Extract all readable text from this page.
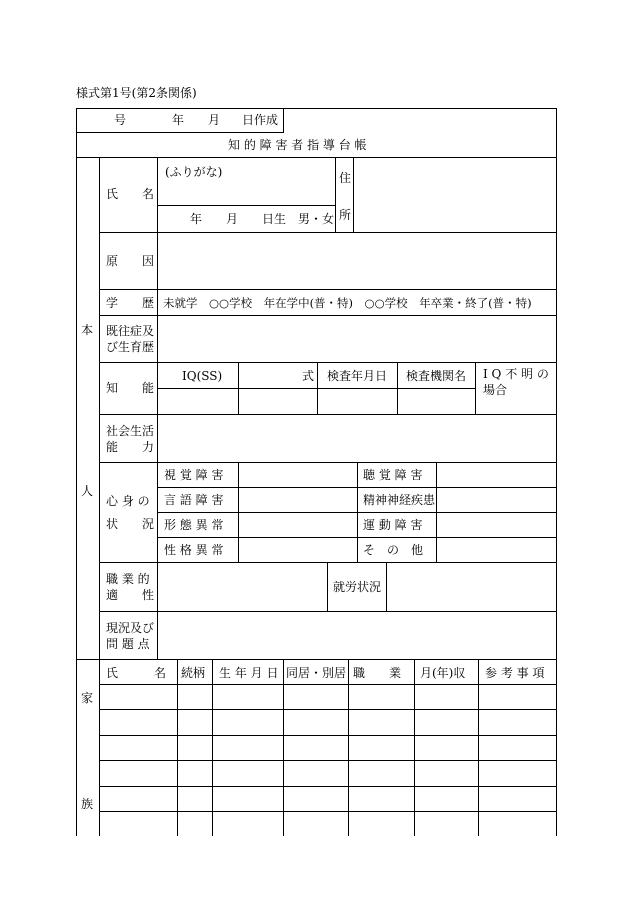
様式第1号(第2条関係)
号	年 月 日作成
知 的 障 害 者 指 導 台 帳
本
人
氏　　名
(ふりがな)
年　　月　　日生　男・女
住
所
原　　因
学　　歴 未就学　○○学校　年在学中(普・特)　○○学校　年卒業・終了(普・特)
既往症及
び生育歴
知　　能
IQ(SS)	式 検査年月日 検査機関名 I Q 不 明 の
場合
社会生活
能　　力
心 身 の
状　　況
視 覚 障 害
言 語 障 害
形 態 異 常
性 格 異 常
聴 覚 障 害
精神神経疾患
運 動 障 害
そ　の　他
職 業 的
適　　性
就労状況
現況及び
問 題 点
家
族
氏　　　名 続柄 生 年 月 日 同居・別居 職　　業 月(年)収 参 考 事 項
